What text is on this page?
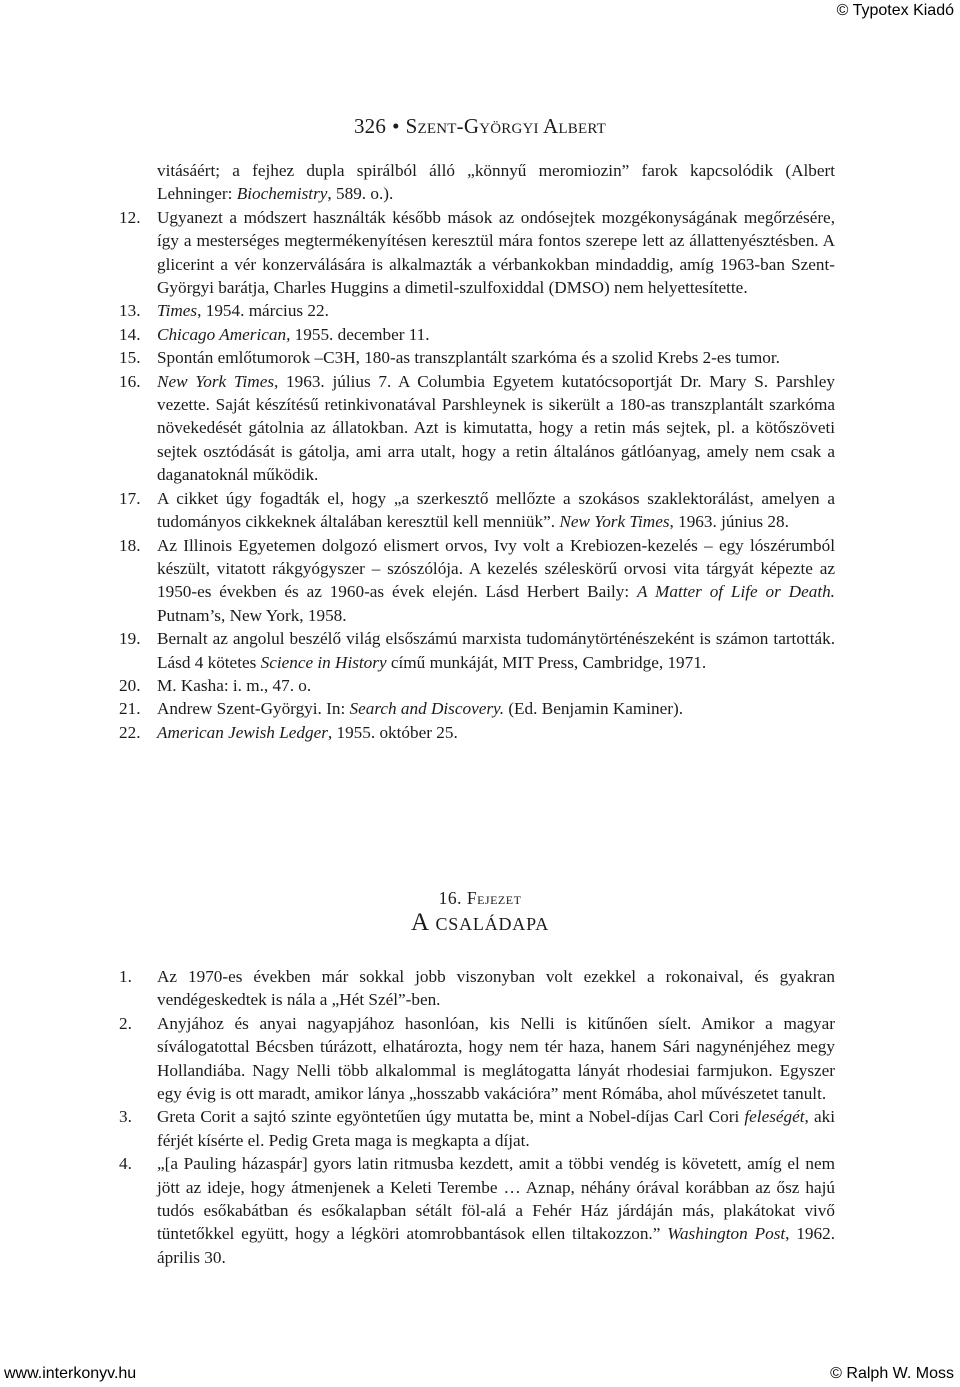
© Typotex Kiadó
326 • Szent-Györgyi Albert
vitásáért; a fejhez dupla spirálból álló „könnyű meromiozin” farok kapcsolódik (Albert Lehninger: Biochemistry, 589. o.).
12. Ugyanezt a módszert használták később mások az ondósejtek mozgékonyságának megőrzésére, így a mesterséges megtermékenyítésen keresztül mára fontos szerepe lett az állattenyésztésben. A glicerint a vér konzerválására is alkalmazták a vérbankokban mindaddig, amíg 1963-ban Szent-Györgyi barátja, Charles Huggins a dimetil-szulfoxiddal (DMSO) nem helyettesítette.
13. Times, 1954. március 22.
14. Chicago American, 1955. december 11.
15. Spontán emlőtumorok –C3H, 180-as transzplantált szarkóma és a szolid Krebs 2-es tumor.
16. New York Times, 1963. július 7. A Columbia Egyetem kutatócsoportját Dr. Mary S. Parshley vezette. Saját készítésű retinkivonatával Parshleynek is sikerült a 180-as transzplantált szarkóma növekedését gátolnia az állatokban. Azt is kimutatta, hogy a retin más sejtek, pl. a kötőszöveti sejtek osztódását is gátolja, ami arra utalt, hogy a retin általános gátlóanyag, amely nem csak a daganatoknál működik.
17. A cikket úgy fogadták el, hogy „a szerkesztő mellőzte a szokásos szaklektorálást, amelyen a tudományos cikkeknek általában keresztül kell menniük”. New York Times, 1963. június 28.
18. Az Illinois Egyetemen dolgozó elismert orvos, Ivy volt a Krebiozen-kezelés – egy lószérumból készült, vitatott rákgyógyszer – szószólója. A kezelés széleskörű orvosi vita tárgyát képezte az 1950-es években és az 1960-as évek elején. Lásd Herbert Baily: A Matter of Life or Death. Putnam’s, New York, 1958.
19. Bernalt az angolul beszélő világ elsőszámú marxista tudománytörténészeként is számon tartották. Lásd 4 kötetes Science in History című munkáját, MIT Press, Cambridge, 1971.
20. M. Kasha: i. m., 47. o.
21. Andrew Szent-Györgyi. In: Search and Discovery. (Ed. Benjamin Kaminer).
22. American Jewish Ledger, 1955. október 25.
16. Fejezet
A családapa
1.	Az 1970-es években már sokkal jobb viszonyban volt ezekkel a rokonaival, és gyakran vendégeskedtek is nála a „Hét Szél”-ben.
2.	Anyjához és anyai nagyapjához hasonlóan, kis Nelli is kitűnően síelt. Amikor a magyar síválogatottal Bécsben túrázott, elhatározta, hogy nem tér haza, hanem Sári nagynénjéhez megy Hollandiába. Nagy Nelli több alkalommal is meglátogatta lányát rhodesiai farmjukon. Egyszer egy évig is ott maradt, amikor lánya „hosszabb vakációra” ment Rómába, ahol művészetet tanult.
3.	Greta Corit a sajtó szinte egyöntetűen úgy mutatta be, mint a Nobel-díjas Carl Cori feleségét, aki férjét kísérte el. Pedig Greta maga is megkapta a díjat.
4.	„[a Pauling házaspár] gyors latin ritmusba kezdett, amit a többi vendég is követett, amíg el nem jött az ideje, hogy átmenjenek a Keleti Terembe … Aznap, néhány órával korábban az ősz hajú tudós esőkabátban és esőkalapban sétált föl-alá a Fehér Ház járdáján más, plakátokat vivő tüntetőkkel együtt, hogy a légköri atomrobbantások ellen tiltakozzon.” Washington Post, 1962. április 30.
www.interkonyv.hu	© Ralph W. Moss
